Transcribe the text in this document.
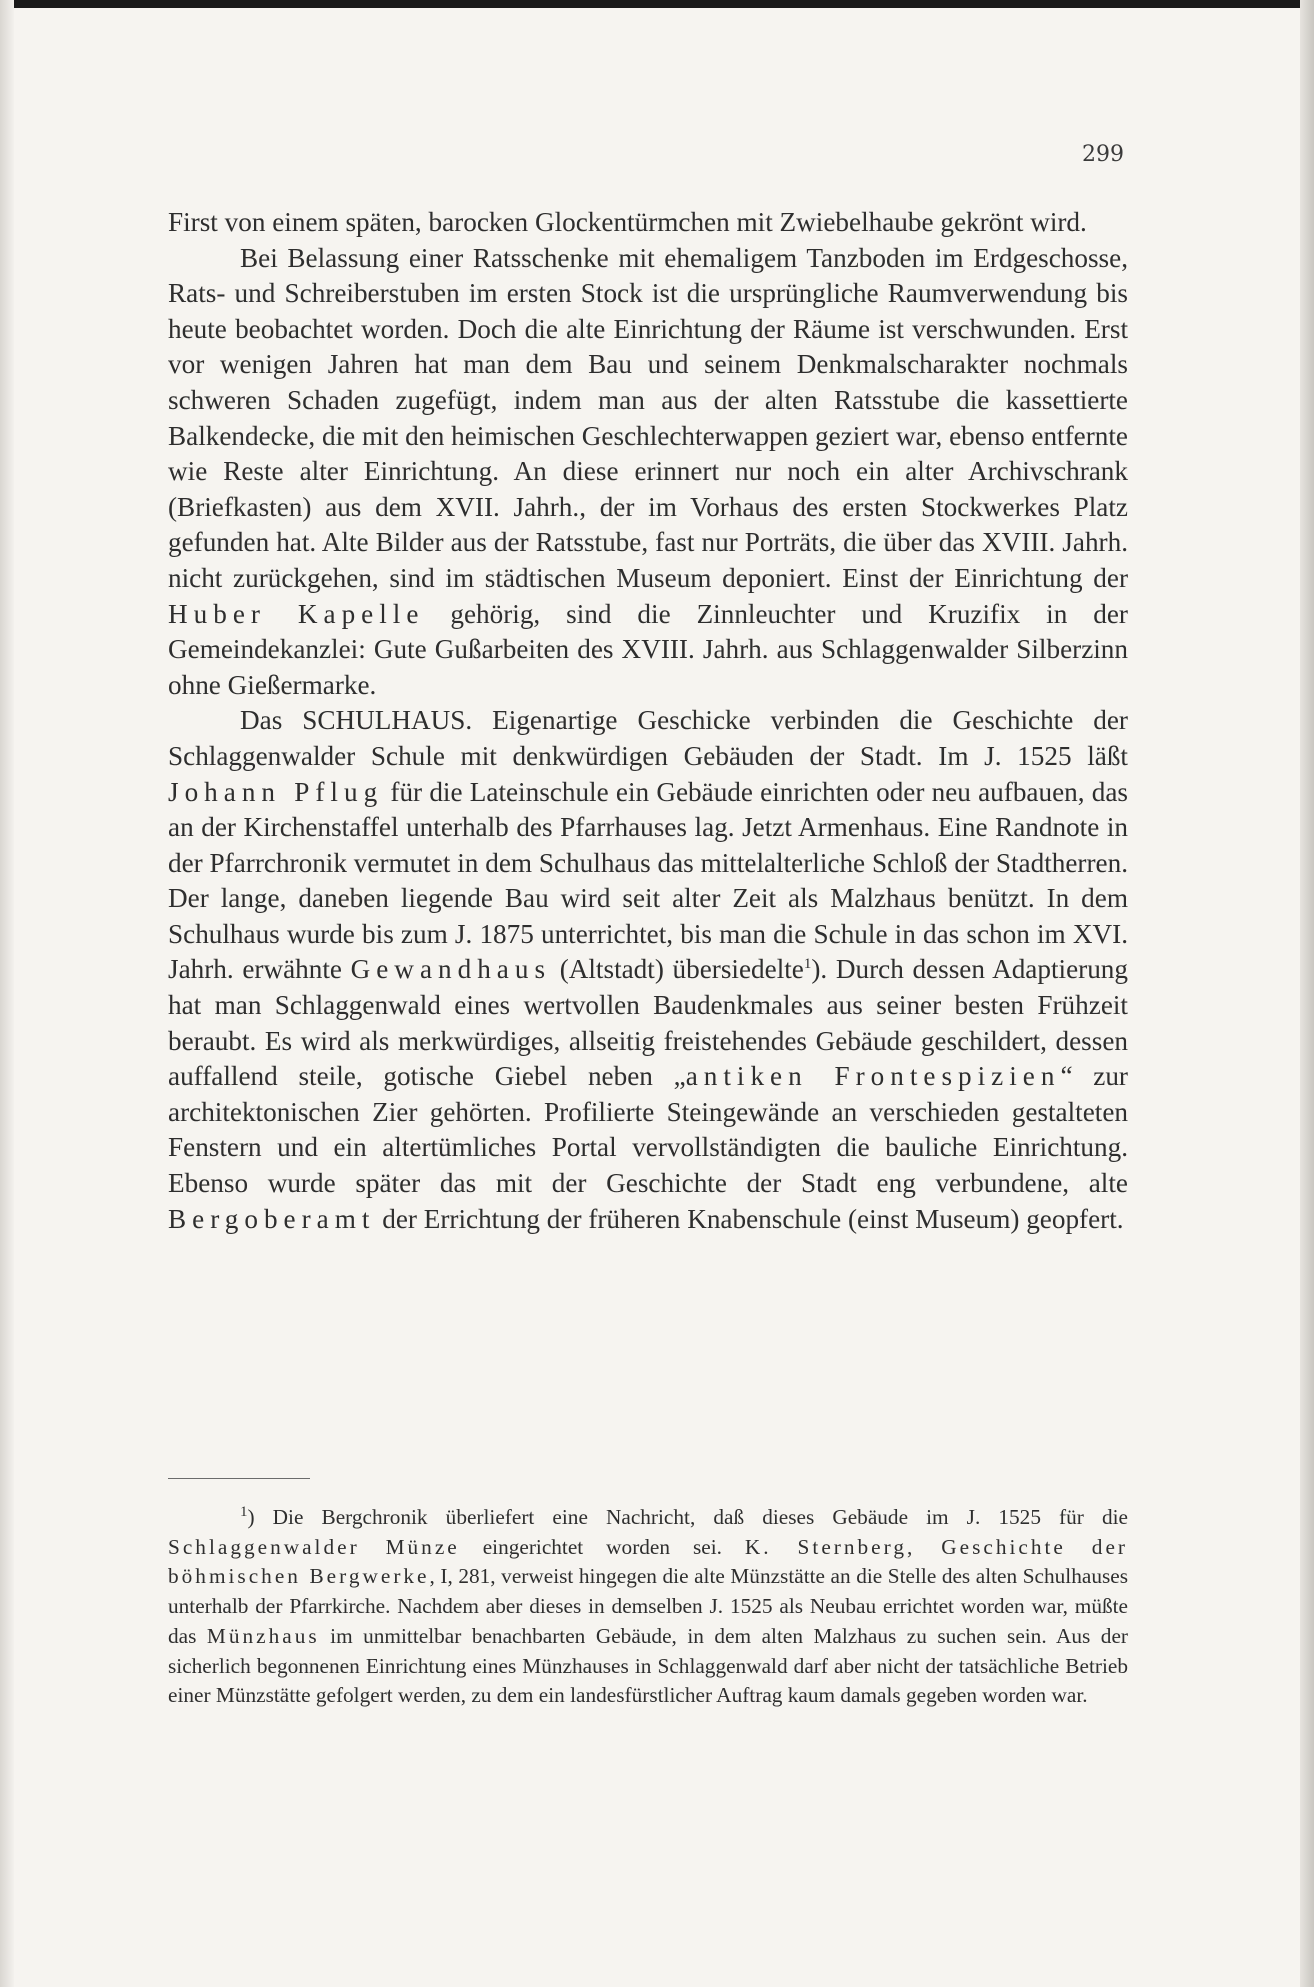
299

First von einem späten, barocken Glockentürmchen mit Zwiebelhaube gekrönt wird.

Bei Belassung einer Ratsschenke mit ehemaligem Tanzboden im Erdgeschosse, Rats- und Schreiberstuben im ersten Stock ist die ursprüngliche Raumverwendung bis heute beobachtet worden. Doch die alte Einrichtung der Räume ist verschwunden. Erst vor wenigen Jahren hat man dem Bau und seinem Denkmalscharakter nochmals schweren Schaden zugefügt, indem man aus der alten Ratsstube die kassettierte Balkendecke, die mit den heimischen Geschlechterwappen geziert war, ebenso entfernte wie Reste alter Einrichtung. An diese erinnert nur noch ein alter Archivschrank (Briefkasten) aus dem XVII. Jahrh., der im Vorhaus des ersten Stockwerkes Platz gefunden hat. Alte Bilder aus der Ratsstube, fast nur Porträts, die über das XVIII. Jahrh. nicht zurückgehen, sind im städtischen Museum deponiert. Einst der Einrichtung der Huber Kapelle gehörig, sind die Zinnleuchter und Kruzifix in der Gemeindekanzlei: Gute Gußarbeiten des XVIII. Jahrh. aus Schlaggenwalder Silberzinn ohne Gießermarke.

Das SCHULHAUS. Eigenartige Geschicke verbinden die Geschichte der Schlaggenwalder Schule mit denkwürdigen Gebäuden der Stadt. Im J. 1525 läßt Johann Pflug für die Lateinschule ein Gebäude einrichten oder neu aufbauen, das an der Kirchenstaffel unterhalb des Pfarrhauses lag. Jetzt Armenhaus. Eine Randnote in der Pfarrchronik vermutet in dem Schulhaus das mittelalterliche Schloß der Stadtherren. Der lange, daneben liegende Bau wird seit alter Zeit als Malzhaus benützt. In dem Schulhaus wurde bis zum J. 1875 unterrichtet, bis man die Schule in das schon im XVI. Jahrh. erwähnte Gewandhaus (Altstadt) übersiedelte$^1$). Durch dessen Adaptierung hat man Schlaggenwald eines wertvollen Baudenkmales aus seiner besten Frühzeit beraubt. Es wird als merkwürdiges, allseitig freistehendes Gebäude geschildert, dessen auffallend steile, gotische Giebel neben „antiken Frontespizien“ zur architektonischen Zier gehörten. Profilierte Steingewände an verschieden gestalteten Fenstern und ein altertümliches Portal vervollständigten die bauliche Einrichtung. Ebenso wurde später das mit der Geschichte der Stadt eng verbundene, alte Bergoberamt der Errichtung der früheren Knabenschule (einst Museum) geopfert.

$^1$) Die Bergchronik überliefert eine Nachricht, daß dieses Gebäude im J. 1525 für die Schlaggenwalder Münze eingerichtet worden sei. K. Sternberg, Geschichte der böhmischen Bergwerke, I, 281, verweist hingegen die alte Münzstätte an die Stelle des alten Schulhauses unterhalb der Pfarrkirche. Nachdem aber dieses in demselben J. 1525 als Neubau errichtet worden war, müßte das Münzhaus im unmittelbar benachbarten Gebäude, in dem alten Malzhaus zu suchen sein. Aus der sicherlich begonnenen Einrichtung eines Münzhauses in Schlaggenwald darf aber nicht der tatsächliche Betrieb einer Münzstätte gefolgert werden, zu dem ein landesfürstlicher Auftrag kaum damals gegeben worden war.
